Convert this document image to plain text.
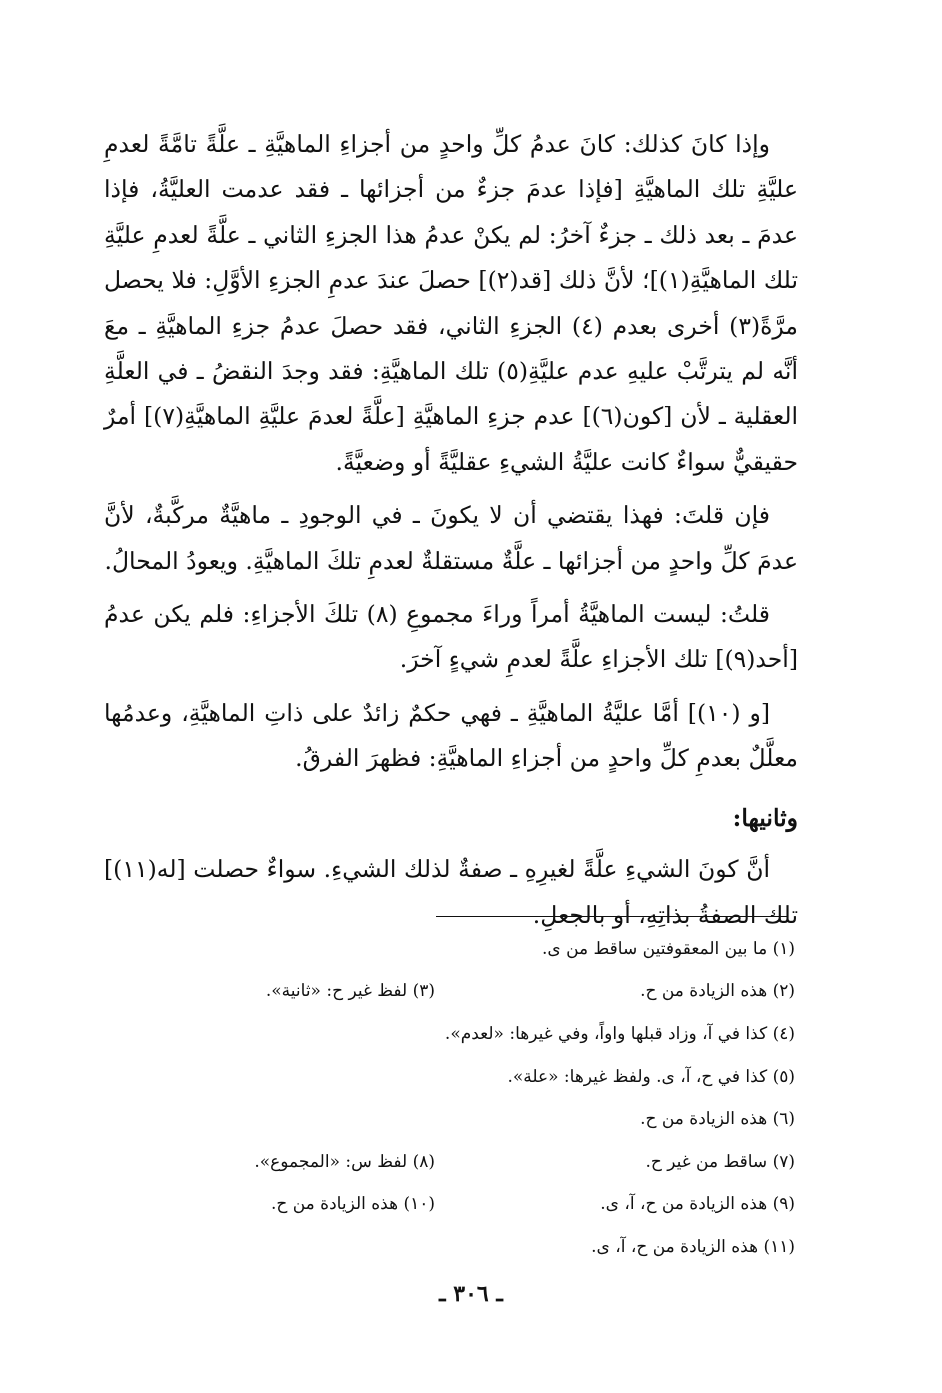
وإذا كانَ كذلك: كانَ عدمُ كلِّ واحدٍ من أجزاءِ الماهيَّةِ ـ علَّةً تامَّةً لعدمِ عليَّةِ تلك الماهيَّةِ [فإذا عدمَ جزءٌ من أجزائها ـ فقد عدمت العليَّةُ، فإذا عدمَ ـ بعد ذلك ـ جزءٌ آخرُ: لم يكنْ عدمُ هذا الجزءِ الثاني ـ علَّةً لعدمِ عليَّةِ تلك الماهيَّةِ(١)]؛ لأنَّ ذلك [قد(٢)] حصلَ عندَ عدمِ الجزءِ الأوَّلِ: فلا يحصل مرَّةً(٣) أخرى بعدم (٤) الجزءِ الثاني، فقد حصلَ عدمُ جزءِ الماهيَّةِ ـ معَ أنَّه لم يترتَّبْ عليهِ عدم عليَّةِ(٥) تلك الماهيَّةِ: فقد وجدَ النقضُ ـ في العلَّةِ العقلية ـ لأن [كون(٦)] عدم جزءِ الماهيَّةِ [علَّةً لعدمَ عليَّةِ الماهيَّةِ(٧)] أمرٌ حقيقيٌّ سواءٌ كانت عليَّةُ الشيءِ عقليَّةً أو وضعيَّةً.

فإن قلتَ: فهذا يقتضي أن لا يكونَ ـ في الوجودِ ـ ماهيَّةٌ مركَّبةٌ، لأنَّ عدمَ كلِّ واحدٍ من أجزائها ـ علَّةٌ مستقلةٌ لعدمِ تلكَ الماهيَّةِ. ويعودُ المحالُ.

قلتُ: ليست الماهيَّةُ أمراً وراءَ مجموعِ (٨) تلكَ الأجزاءِ: فلم يكن عدمُ [أحد(٩)] تلك الأجزاءِ علَّةً لعدمِ شيءٍ آخرَ.

[و (١٠)] أمَّا عليَّةُ الماهيَّةِ ـ فهي حكمٌ زائدٌ على ذاتِ الماهيَّةِ، وعدمُها معلَّلٌ بعدمِ كلِّ واحدٍ من أجزاءِ الماهيَّةِ: فظهرَ الفرقُ.

وثانيها:

أنَّ كونَ الشيءِ علَّةً لغيرِهِ ـ صفةٌ لذلك الشيءِ. سواءٌ حصلت [له(١١)] تلك الصفةُ بذاتِهِ، أو بالجعلِ.

(١) ما بين المعقوفتين ساقط من ى.
(٢) هذه الزيادة من ح.
(٣) لفظ غير ح: «ثانية».
(٤) كذا في آ، وزاد قبلها واواً، وفي غيرها: «لعدم».
(٥) كذا في ح، آ، ى. ولفظ غيرها: «علة».
(٦) هذه الزيادة من ح.
(٧) ساقط من غير ح.
(٨) لفظ س: «المجموع».
(٩) هذه الزيادة من ح، آ، ى.
(١٠) هذه الزيادة من ح.
(١١) هذه الزيادة من ح، آ، ى.
ـ ٣٠٦ ـ
